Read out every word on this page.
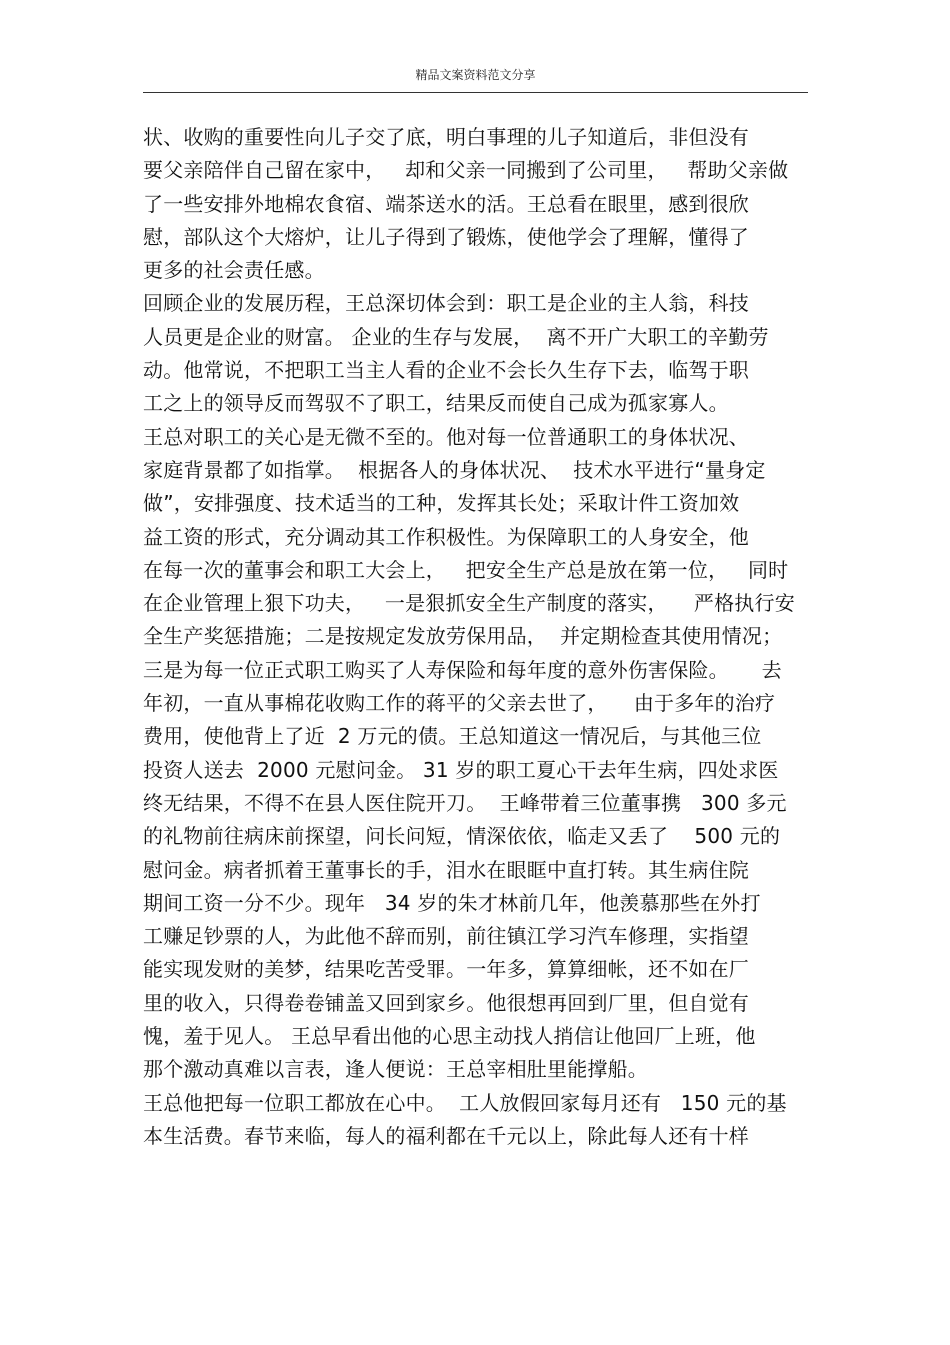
精品文案资料范文分享
状、收购的重要性向儿子交了底，明白事理的儿子知道后，非但没有
要父亲陪伴自己留在家中，   却和父亲一同搬到了公司里，   帮助父亲做
了一些安排外地棉农食宿、端茶送水的活。王总看在眼里，感到很欣
慰，部队这个大熔炉，让儿子得到了锻炼，使他学会了理解，懂得了
更多的社会责任感。
回顾企业的发展历程，王总深切体会到：职工是企业的主人翁，科技
人员更是企业的财富。 企业的生存与发展，  离不开广大职工的辛勤劳
动。他常说，不把职工当主人看的企业不会长久生存下去，临驾于职
工之上的领导反而驾驭不了职工，结果反而使自己成为孤家寡人。
王总对职工的关心是无微不至的。他对每一位普通职工的身体状况、
家庭背景都了如指掌。  根据各人的身体状况、  技术水平进行“量身定
做”，安排强度、技术适当的工种，发挥其长处；采取计件工资加效
益工资的形式，充分调动其工作积极性。为保障职工的人身安全，他
在每一次的董事会和职工大会上，   把安全生产总是放在第一位，   同时
在企业管理上狠下功夫，   一是狠抓安全生产制度的落实，    严格执行安
全生产奖惩措施；二是按规定发放劳保用品，  并定期检查其使用情况；
三是为每一位正式职工购买了人寿保险和每年度的意外伤害保险。     去
年初，一直从事棉花收购工作的蒋平的父亲去世了，    由于多年的治疗
费用，使他背上了近  2 万元的债。王总知道这一情况后，与其他三位
投资人送去  2000 元慰问金。 31 岁的职工夏心干去年生病，四处求医
终无结果，不得不在县人医住院开刀。  王峰带着三位董事携   300 多元
的礼物前往病床前探望，问长问短，情深依依，临走又丢了    500 元的
慰问金。病者抓着王董事长的手，泪水在眼眶中直打转。其生病住院
期间工资一分不少。现年   34 岁的朱才林前几年，他羡慕那些在外打
工赚足钞票的人，为此他不辞而别，前往镇江学习汽车修理，实指望
能实现发财的美梦，结果吃苦受罪。一年多，算算细帐，还不如在厂
里的收入，只得卷卷铺盖又回到家乡。他很想再回到厂里，但自觉有
愧，羞于见人。 王总早看出他的心思主动找人捎信让他回厂上班，他
那个激动真难以言表，逢人便说：王总宰相肚里能撑船。
王总他把每一位职工都放在心中。  工人放假回家每月还有   150 元的基
本生活费。春节来临，每人的福利都在千元以上，除此每人还有十样
